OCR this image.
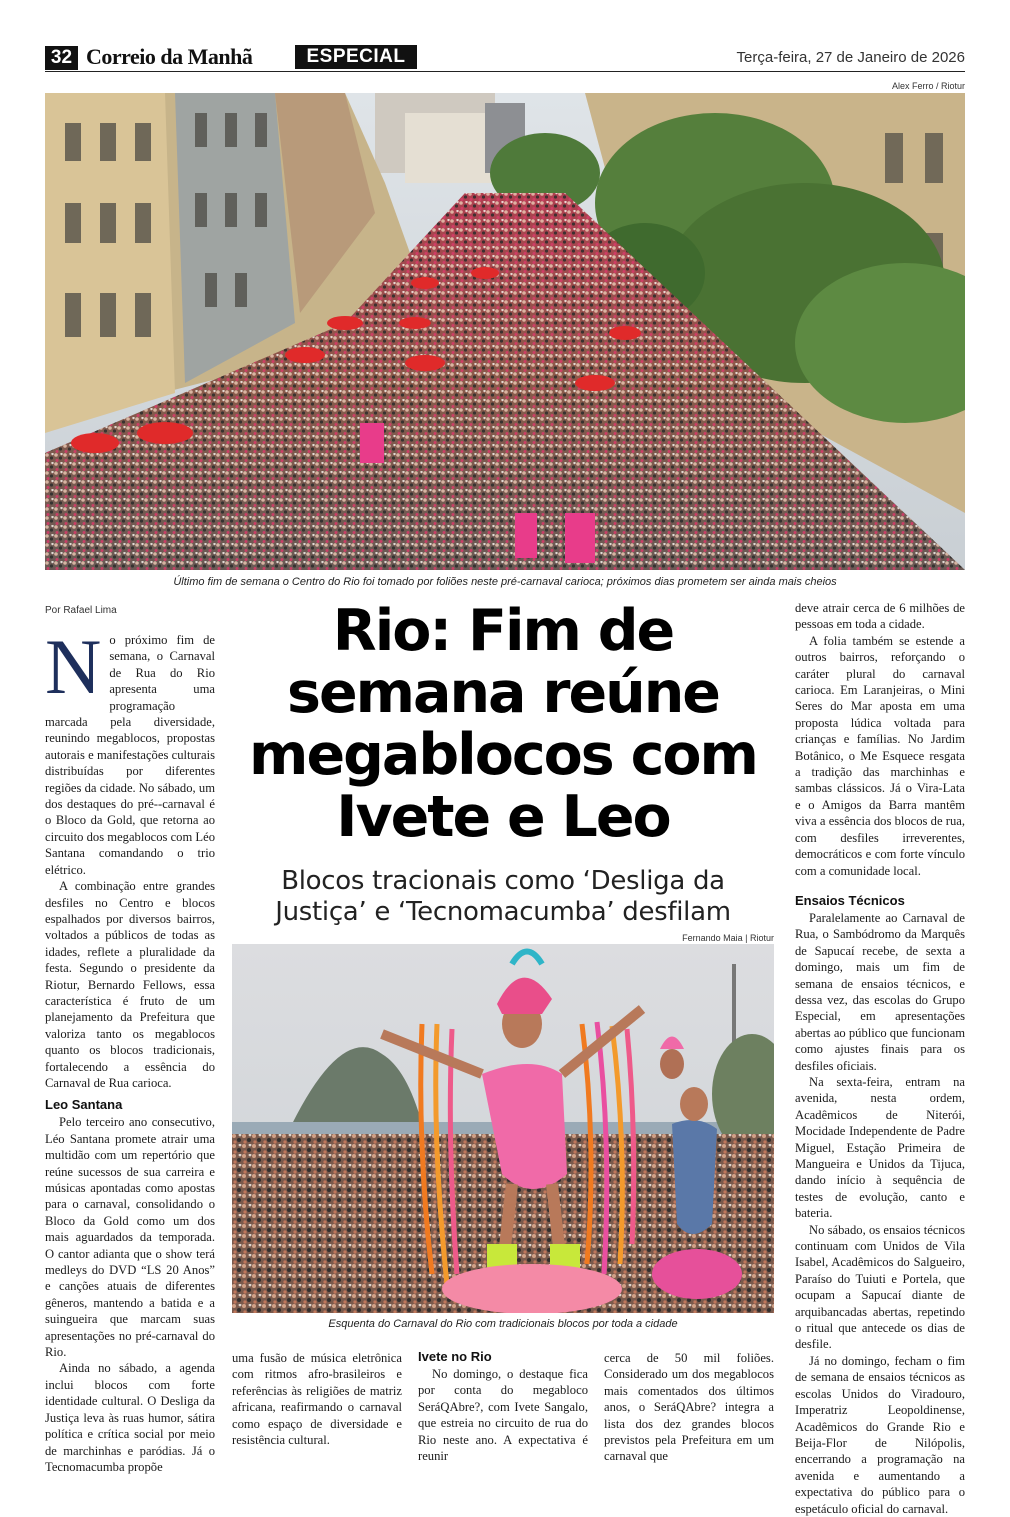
32 Correio da Manhã	ESPECIAL	Terça-feira, 27 de Janeiro de 2026
Alex Ferro / Riotur
Último fim de semana o Centro do Rio foi tomado por foliões neste pré-carnaval carioca; próximos dias prometem ser ainda mais cheios
Por Rafael Lima

No próximo fim de semana, o Carnaval de Rua do Rio apresenta uma programação marcada pela diversidade, reunindo megablocos, propostas autorais e manifestações culturais distribuídas por diferentes regiões da cidade. No sábado, um dos destaques do pré--carnaval é o Bloco da Gold, que retorna ao circuito dos megablocos com Léo Santana comandando o trio elétrico.

A combinação entre grandes desfiles no Centro e blocos espalhados por diversos bairros, voltados a públicos de todas as idades, reflete a pluralidade da festa. Segundo o presidente da Riotur, Bernardo Fellows, essa característica é fruto de um planejamento da Prefeitura que valoriza tanto os megablocos quanto os blocos tradicionais, fortalecendo a essência do Carnaval de Rua carioca.

Leo Santana

Pelo terceiro ano consecutivo, Léo Santana promete atrair uma multidão com um repertório que reúne sucessos de sua carreira e músicas apontadas como apostas para o carnaval, consolidando o Bloco da Gold como um dos mais aguardados da temporada. O cantor adianta que o show terá medleys do DVD “LS 20 Anos” e canções atuais de diferentes gêneros, mantendo a batida e a suingueira que marcam suas apresentações no pré-carnaval do Rio.

Ainda no sábado, a agenda inclui blocos com forte identidade cultural. O Desliga da Justiça leva às ruas humor, sátira política e crítica social por meio de marchinhas e paródias. Já o Tecnomacumba propõe

Rio: Fim de semana reúne megablocos com Ivete e Leo
Blocos tracionais como ‘Desliga da Justiça’ e ‘Tecnomacumba’ desfilam
Fernando Maia | Riotur
Esquenta do Carnaval do Rio com tradicionais blocos por toda a cidade

uma fusão de música eletrônica com ritmos afro-brasileiros e referências às religiões de matriz africana, reafirmando o carnaval como espaço de diversidade e resistência cultural.

Ivete no Rio

No domingo, o destaque fica por conta do megabloco SeráQAbre?, com Ivete Sangalo, que estreia no circuito de rua do Rio neste ano. A expectativa é reunir

cerca de 50 mil foliões. Considerado um dos megablocos mais comentados dos últimos anos, o SeráQAbre? integra a lista dos dez grandes blocos previstos pela Prefeitura em um carnaval que

deve atrair cerca de 6 milhões de pessoas em toda a cidade.

A folia também se estende a outros bairros, reforçando o caráter plural do carnaval carioca. Em Laranjeiras, o Mini Seres do Mar aposta em uma proposta lúdica voltada para crianças e famílias. No Jardim Botânico, o Me Esquece resgata a tradição das marchinhas e sambas clássicos. Já o Vira-Lata e o Amigos da Barra mantêm viva a essência dos blocos de rua, com desfiles irreverentes, democráticos e com forte vínculo com a comunidade local.

Ensaios Técnicos

Paralelamente ao Carnaval de Rua, o Sambódromo da Marquês de Sapucaí recebe, de sexta a domingo, mais um fim de semana de ensaios técnicos, e dessa vez, das escolas do Grupo Especial, em apresentações abertas ao público que funcionam como ajustes finais para os desfiles oficiais.

Na sexta-feira, entram na avenida, nesta ordem, Acadêmicos de Niterói, Mocidade Independente de Padre Miguel, Estação Primeira de Mangueira e Unidos da Tijuca, dando início à sequência de testes de evolução, canto e bateria.

No sábado, os ensaios técnicos continuam com Unidos de Vila Isabel, Acadêmicos do Salgueiro, Paraíso do Tuiuti e Portela, que ocupam a Sapucaí diante de arquibancadas abertas, repetindo o ritual que antecede os dias de desfile.

Já no domingo, fecham o fim de semana de ensaios técnicos as escolas Unidos do Viradouro, Imperatriz Leopoldinense, Acadêmicos do Grande Rio e Beija-Flor de Nilópolis, encerrando a programação na avenida e aumentando a expectativa do público para o espetáculo oficial do carnaval.
